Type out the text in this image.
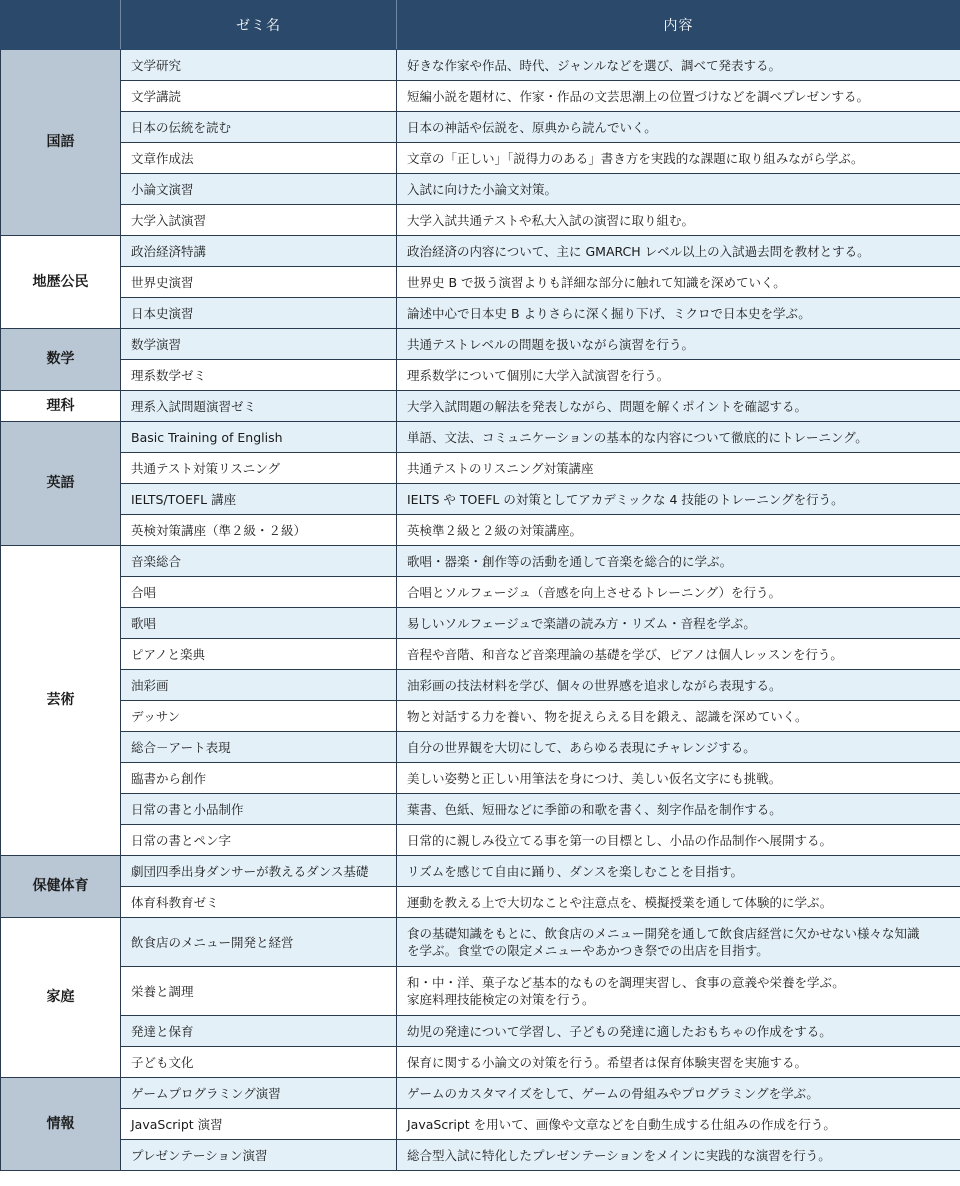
	ゼミ名	内容
国語	文学研究	好きな作家や作品、時代、ジャンルなどを選び、調べて発表する。
	文学講読	短編小説を題材に、作家・作品の文芸思潮上の位置づけなどを調べプレゼンする。
	日本の伝統を読む	日本の神話や伝説を、原典から読んでいく。
	文章作成法	文章の「正しい」「説得力のある」書き方を実践的な課題に取り組みながら学ぶ。
	小論文演習	入試に向けた小論文対策。
	大学入試演習	大学入試共通テストや私大入試の演習に取り組む。
地歴公民	政治経済特講	政治経済の内容について、主に GMARCH レベル以上の入試過去問を教材とする。
	世界史演習	世界史 B で扱う演習よりも詳細な部分に触れて知識を深めていく。
	日本史演習	論述中心で日本史 B よりさらに深く掘り下げ、ミクロで日本史を学ぶ。
数学	数学演習	共通テストレベルの問題を扱いながら演習を行う。
	理系数学ゼミ	理系数学について個別に大学入試演習を行う。
理科	理系入試問題演習ゼミ	大学入試問題の解法を発表しながら、問題を解くポイントを確認する。
英語	Basic Training of English	単語、文法、コミュニケーションの基本的な内容について徹底的にトレーニング。
	共通テスト対策リスニング	共通テストのリスニング対策講座
	IELTS/TOEFL 講座	IELTS や TOEFL の対策としてアカデミックな 4 技能のトレーニングを行う。
	英検対策講座（準２級・２級）	英検準２級と２級の対策講座。
芸術	音楽総合	歌唱・器楽・創作等の活動を通して音楽を総合的に学ぶ。
	合唱	合唱とソルフェージュ（音感を向上させるトレーニング）を行う。
	歌唱	易しいソルフェージュで楽譜の読み方・リズム・音程を学ぶ。
	ピアノと楽典	音程や音階、和音など音楽理論の基礎を学び、ピアノは個人レッスンを行う。
	油彩画	油彩画の技法材料を学び、個々の世界感を追求しながら表現する。
	デッサン	物と対話する力を養い、物を捉えらえる目を鍛え、認識を深めていく。
	総合－アート表現	自分の世界観を大切にして、あらゆる表現にチャレンジする。
	臨書から創作	美しい姿勢と正しい用筆法を身につけ、美しい仮名文字にも挑戦。
	日常の書と小品制作	葉書、色紙、短冊などに季節の和歌を書く、刻字作品を制作する。
	日常の書とペン字	日常的に親しみ役立てる事を第一の目標とし、小品の作品制作へ展開する。
保健体育	劇団四季出身ダンサーが教えるダンス基礎	リズムを感じて自由に踊り、ダンスを楽しむことを目指す。
	体育科教育ゼミ	運動を教える上で大切なことや注意点を、模擬授業を通して体験的に学ぶ。
家庭	飲食店のメニュー開発と経営	食の基礎知識をもとに、飲食店のメニュー開発を通して飲食店経営に欠かせない様々な知識
を学ぶ。食堂での限定メニューやあかつき祭での出店を目指す。
	栄養と調理	和・中・洋、菓子など基本的なものを調理実習し、食事の意義や栄養を学ぶ。
家庭料理技能検定の対策を行う。
	発達と保育	幼児の発達について学習し、子どもの発達に適したおもちゃの作成をする。
	子ども文化	保育に関する小論文の対策を行う。希望者は保育体験実習を実施する。
情報	ゲームプログラミング演習	ゲームのカスタマイズをして、ゲームの骨組みやプログラミングを学ぶ。
	JavaScript 演習	JavaScript を用いて、画像や文章などを自動生成する仕組みの作成を行う。
	プレゼンテーション演習	総合型入試に特化したプレゼンテーションをメインに実践的な演習を行う。
